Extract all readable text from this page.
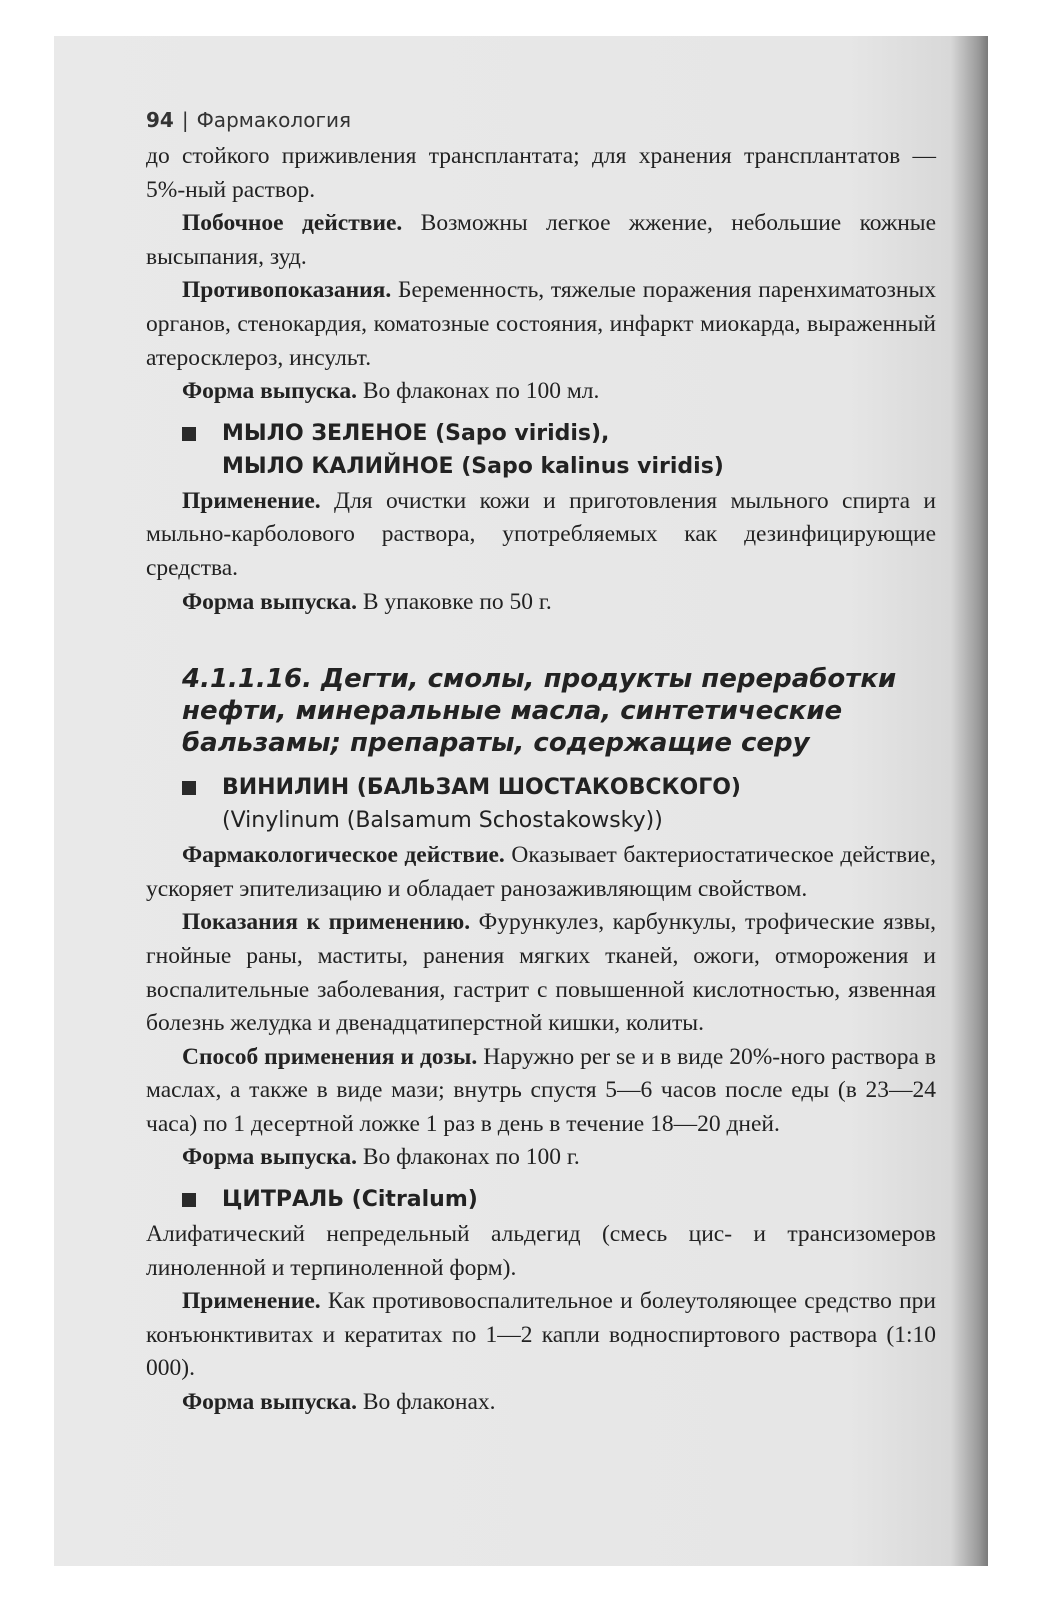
94 | Фармакология

до стойкого приживления трансплантата; для хранения трансплантатов — 5%-ный раствор.

Побочное действие. Возможны легкое жжение, небольшие кожные высыпания, зуд.

Противопоказания. Беременность, тяжелые поражения паренхиматозных органов, стенокардия, коматозные состояния, инфаркт миокарда, выраженный атеросклероз, инсульт.

Форма выпуска. Во флаконах по 100 мл.

МЫЛО ЗЕЛЕНОЕ (Sapo viridis),
МЫЛО КАЛИЙНОЕ (Sapo kalinus viridis)

Применение. Для очистки кожи и приготовления мыльного спирта и мыльно-карболового раствора, употребляемых как дезинфицирующие средства.

Форма выпуска. В упаковке по 50 г.

4.1.1.16. Дегти, смолы, продукты переработки нефти, минеральные масла, синтетические бальзамы; препараты, содержащие серу
ВИНИЛИН (БАЛЬЗАМ ШОСТАКОВСКОГО)
(Vinylinum (Balsamum Schostakowsky))

Фармакологическое действие. Оказывает бактериостатическое действие, ускоряет эпителизацию и обладает ранозаживляющим свойством.

Показания к применению. Фурункулез, карбункулы, трофические язвы, гнойные раны, маститы, ранения мягких тканей, ожоги, отморожения и воспалительные заболевания, гастрит с повышенной кислотностью, язвенная болезнь желудка и двенадцатиперстной кишки, колиты.

Способ применения и дозы. Наружно per se и в виде 20%-ного раствора в маслах, а также в виде мази; внутрь спустя 5—6 часов после еды (в 23—24 часа) по 1 десертной ложке 1 раз в день в течение 18—20 дней.

Форма выпуска. Во флаконах по 100 г.

ЦИТРАЛЬ (Citralum)

Алифатический непредельный альдегид (смесь цис- и трансизомеров линоленной и терпиноленной форм).

Применение. Как противовоспалительное и болеутоляющее средство при конъюнктивитах и кератитах по 1—2 капли водноспиртового раствора (1:10 000).

Форма выпуска. Во флаконах.
